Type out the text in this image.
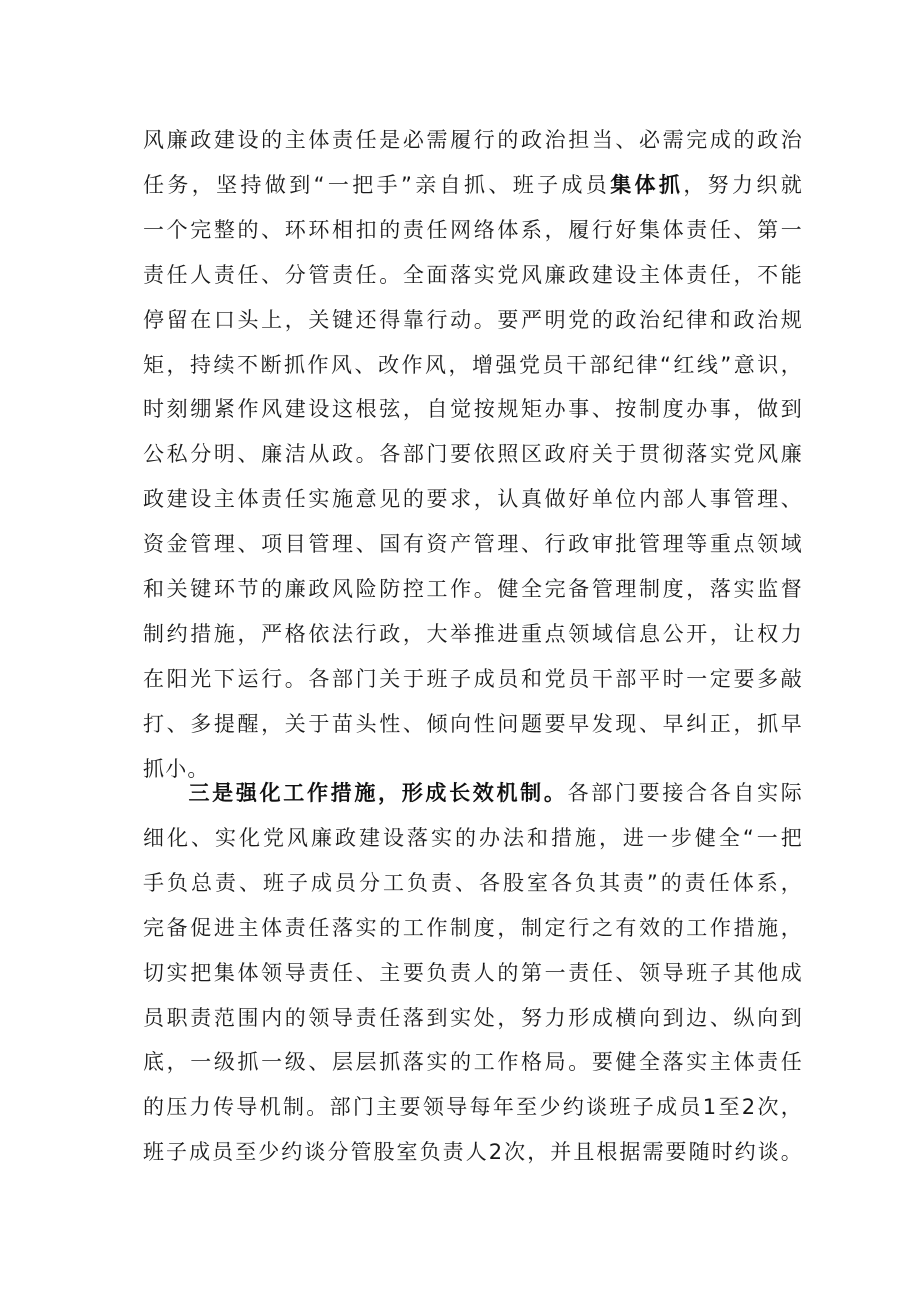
风廉政建设的主体责任是必需履行的政治担当、必需完成的政治
任务，坚持做到“一把手”亲自抓、班子成员集体抓，努力织就
一个完整的、环环相扣的责任网络体系，履行好集体责任、第一
责任人责任、分管责任。全面落实党风廉政建设主体责任，不能
停留在口头上，关键还得靠行动。要严明党的政治纪律和政治规
矩，持续不断抓作风、改作风，增强党员干部纪律“红线”意识，
时刻绷紧作风建设这根弦，自觉按规矩办事、按制度办事，做到
公私分明、廉洁从政。各部门要依照区政府关于贯彻落实党风廉
政建设主体责任实施意见的要求，认真做好单位内部人事管理、
资金管理、项目管理、国有资产管理、行政审批管理等重点领域
和关键环节的廉政风险防控工作。健全完备管理制度，落实监督
制约措施，严格依法行政，大举推进重点领域信息公开，让权力
在阳光下运行。各部门关于班子成员和党员干部平时一定要多敲
打、多提醒，关于苗头性、倾向性问题要早发现、早纠正，抓早
抓小。
三是强化工作措施，形成长效机制。各部门要接合各自实际
细化、实化党风廉政建设落实的办法和措施，进一步健全“一把
手负总责、班子成员分工负责、各股室各负其责”的责任体系，
完备促进主体责任落实的工作制度，制定行之有效的工作措施，
切实把集体领导责任、主要负责人的第一责任、领导班子其他成
员职责范围内的领导责任落到实处，努力形成横向到边、纵向到
底，一级抓一级、层层抓落实的工作格局。要健全落实主体责任
的压力传导机制。部门主要领导每年至少约谈班子成员1至2次，
班子成员至少约谈分管股室负责人2次，并且根据需要随时约谈。
